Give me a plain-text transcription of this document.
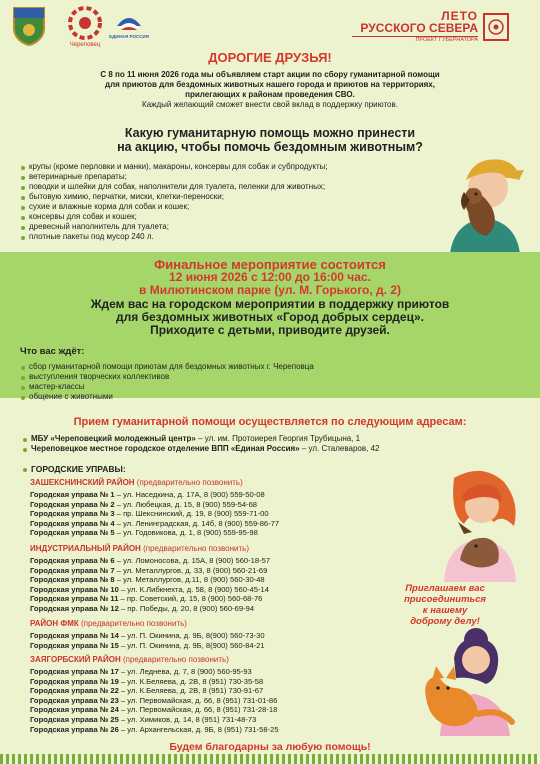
Череповец
ЕДИНАЯ РОССИЯ
ЛЕТО
РУССКОГО СЕВЕРА
ПРОЕКТ ГУБЕРНАТОРА
ДОРОГИЕ ДРУЗЬЯ!
С 8 по 11 июня 2026 года мы объявляем старт акции по сбору гуманитарной помощи
для приютов для бездомных животных нашего города и приютов на территориях,
прилегающих к районам проведения СВО.
Каждый желающий сможет внести свой вклад в поддержку приютов.
Какую гуманитарную помощь можно принести
на акцию, чтобы помочь бездомным животным?
крупы (кроме перловки и манки), макароны, консервы для собак и субпродукты;
ветеринарные препараты;
поводки и шлейки для собак, наполнители для туалета, пеленки для животных;
бытовую химию, перчатки, миски, клетки-переноски;
сухие и влажные корма для собак и кошек;
консервы для собак и кошек;
древесный наполнитель для туалета;
плотные пакеты под мусор 240 л.
Финальное мероприятие состоится
12 июня 2026 с 12:00 до 16:00 час.
в Милютинском парке (ул. М. Горького, д. 2)
Ждем вас на городском мероприятии в поддержку приютов
для бездомных животных «Город добрых сердец».
Приходите с детьми, приводите друзей.
Что вас ждёт:
сбор гуманитарной помощи приютам для бездомных животных г. Череповца
выступления творческих коллективов
мастер-классы
общение с животными
Прием гуманитарной помощи осуществляется по следующим адресам:
МБУ «Череповецкий молодежный центр» – ул. им. Протоиерея Георгия Трубицына, 1
Череповецкое местное городское отделение ВПП «Единая Россия» – ул. Сталеваров, 42
ГОРОДСКИЕ УПРАВЫ:
ЗАШЕКСНИНСКИЙ РАЙОН (предварительно позвонить)
Городская управа № 1 – ул. Наседкина, д. 17А, 8 (900) 559-50-08
Городская управа № 2 – ул. Любецкая, д. 15, 8 (900) 559-54-68
Городская управа № 3 – пр. Шекснинский, д. 19, 8 (900) 559-71-00
Городская управа № 4 – ул. Ленинградская, д. 14б, 8 (900) 559-86-77
Городская управа № 5 – ул. Годовикова, д. 1, 8 (900) 559-95-98
ИНДУСТРИАЛЬНЫЙ РАЙОН (предварительно позвонить)
Городская управа № 6 – ул. Ломоносова, д. 15А, 8 (900) 560-18-57
Городская управа № 7 – ул. Металлургов, д. 33, 8 (900) 560-21-69
Городская управа № 8 – ул. Металлургов, д.11, 8 (900) 560-30-48
Городская управа № 10 – ул. К.Либкнехта, д. 58, 8 (900) 560-45-14
Городская управа № 11 – пр. Советский, д. 15, 8 (900) 560-68-76
Городская управа № 12 – пр. Победы, д. 20, 8 (900) 560-69-94
РАЙОН ФМК (предварительно позвонить)
Городская управа № 14 – ул. П. Окинина, д. 9Б, 8(900) 560-73-30
Городская управа № 15 – ул. П. Окинина, д. 9Б, 8(900) 560-84-21
ЗАЯГОРБСКИЙ РАЙОН (предварительно позвонить)
Городская управа № 17 – ул. Леднева, д. 7, 8 (900) 560-95-93
Городская управа № 19 – ул. К.Беляева, д. 2В, 8 (951) 730-35-58
Городская управа № 22 – ул. К.Беляева, д. 2В, 8 (951) 730-91-67
Городская управа № 23 – ул. Первомайская, д. 66, 8 (951) 731-01-86
Городская управа № 24 – ул. Первомайская, д. 66, 8 (951) 731-28-18
Городская управа № 25 – ул. Химиков, д. 14, 8 (951) 731-48-73
Городская управа № 26 – ул. Архангельская, д. 9Б, 8 (951) 731-58-25
Приглашаем вас
присоединиться
к нашему
доброму делу!
Будем благодарны за любую помощь!
